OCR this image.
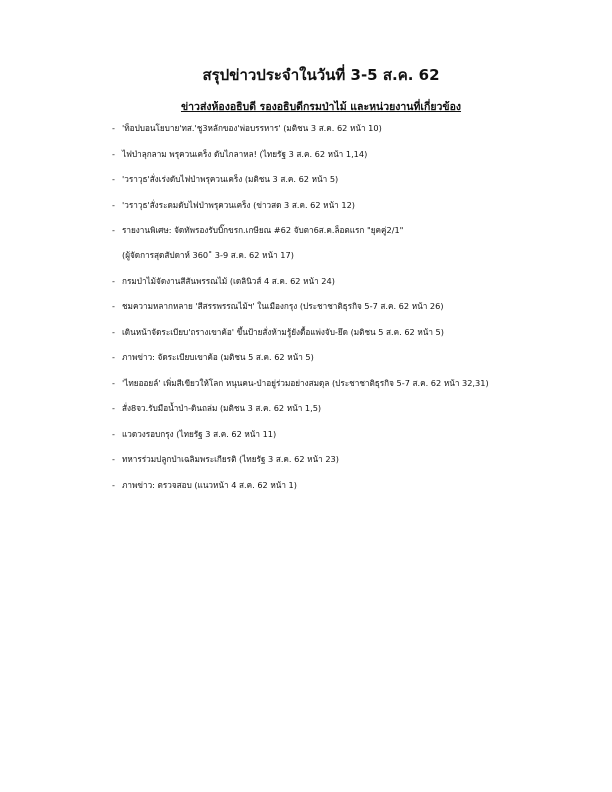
สรุปข่าวประจำในวันที่ 3-5 ส.ค. 62
ข่าวส่งห้องอธิบดี รองอธิบดีกรมป่าไม้ และหน่วยงานที่เกี่ยวข้อง
- 'ท็อปบอนโยบาย'ทส.'ชู3หลักของ'พ่อบรรหาร' (มติชน 3 ส.ค. 62 หน้า 10)
- ไฟป่าลุกลาม พรุควนเคร็ง ดับไกลาหล! (ไทยรัฐ 3 ส.ค. 62 หน้า 1,14)
- 'วราวุธ'สั่งเร่งดับไฟป่าพรุควนเคร็ง (มติชน 3 ส.ค. 62 หน้า 5)
- 'วราวุธ'สั่งระดมดับไฟป่าพรุควนเคร็ง (ข่าวสด 3 ส.ค. 62 หน้า 12)
- รายงานพิเศษ: จัดทัพรองรับบิ๊กขรก.เกษียณ #62 จับตา6ส.ค.ล็อตแรก "ยุคคู่2/1"
(ผู้จัดการสุดสัปดาห์ 360˚ 3-9 ส.ค. 62 หน้า 17)
- กรมป่าไม้จัดงานสีสันพรรณไม้ (เดลินิวส์ 4 ส.ค. 62 หน้า 24)
- ชมความหลากหลาย 'สีสรรพรรณไม้ฯ' ในเมืองกรุง (ประชาชาติธุรกิจ 5-7 ส.ค. 62 หน้า 26)
- เดินหน้าจัดระเบียบ'ถรางเขาค้อ' ขึ้นป้ายสั่งห้ามรู้ยังดื้อแพ่งจับ-ยึด (มติชน 5 ส.ค. 62 หน้า 5)
- ภาพข่าว: จัดระเบียบเขาค้อ (มติชน 5 ส.ค. 62 หน้า 5)
- 'ไทยออยล์' เพิ่มสีเขียวให้โลก หนุนคน-ป่าอยู่ร่วมอย่างสมดุล (ประชาชาติธุรกิจ 5-7 ส.ค. 62 หน้า 32,31)
- สั่ง8จว.รับมือน้ำป่า-ดินถล่ม (มติชน 3 ส.ค. 62 หน้า 1,5)
- แวดวงรอบกรุง (ไทยรัฐ 3 ส.ค. 62 หน้า 11)
- ทหารร่วมปลูกป่าเฉลิมพระเกียรติ (ไทยรัฐ 3 ส.ค. 62 หน้า 23)
- ภาพข่าว: ตรวจสอบ (แนวหน้า 4 ส.ค. 62 หน้า 1)
